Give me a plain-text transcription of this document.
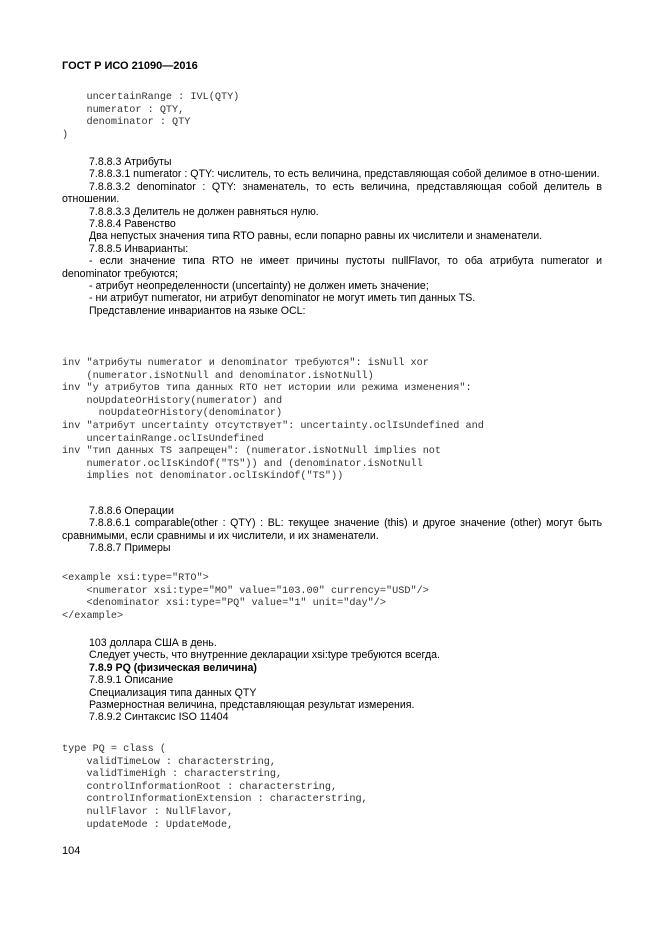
ГОСТ Р ИСО 21090—2016
uncertainRange : IVL(QTY)
numerator : QTY,
denominator : QTY
)

7.8.8.3 Атрибуты

7.8.8.3.1 numerator : QTY: числитель, то есть величина, представляющая собой делимое в отно-шении.

7.8.8.3.2 denominator : QTY: знаменатель, то есть величина, представляющая собой делитель в отношении.

7.8.8.3.3 Делитель не должен равняться нулю.

7.8.8.4 Равенство

Два непустых значения типа RTO равны, если попарно равны их числители и знаменатели.

7.8.8.5 Инварианты:

- если значение типа RTO не имеет причины пустоты nullFlavor, то оба атрибута numerator и denominator требуются;

- атрибут неопределенности (uncertainty) не должен иметь значение;

- ни атрибут numerator, ни атрибут denominator не могут иметь тип данных TS.

Представление инвариантов на языке OCL:

inv "атрибуты numerator и denominator требуются": isNull xor
(numerator.isNotNull and denominator.isNotNull)
inv "у атрибутов типа данных RTO нет истории или режима изменения":
noUpdateOrHistory(numerator) and
noUpdateOrHistory(denominator)
inv "атрибут uncertainty отсутствует": uncertainty.oclIsUndefined and
uncertainRange.oclIsUndefined
inv "тип данных TS запрещен": (numerator.isNotNull implies not
numerator.oclIsKindOf("TS")) and (denominator.isNotNull
implies not denominator.oclIsKindOf("TS"))

7.8.8.6 Операции

7.8.8.6.1 comparable(other : QTY) : BL: текущее значение (this) и другое значение (other) могут быть сравнимыми, если сравнимы и их числители, и их знаменатели.

7.8.8.7 Примеры

<example xsi:type="RTO">
<numerator xsi:type="MO" value="103.00" currency="USD"/>
<denominator xsi:type="PQ" value="1" unit="day"/>
</example>

103 доллара США в день.

Следует учесть, что внутренние декларации xsi:type требуются всегда.

7.8.9 PQ (физическая величина)

7.8.9.1 Описание

Специализация типа данных QTY

Размерностная величина, представляющая результат измерения.

7.8.9.2 Синтаксис ISO 11404

type PQ = class (
validTimeLow : characterstring,
validTimeHigh : characterstring,
controlInformationRoot : characterstring,
controlInformationExtension : characterstring,
nullFlavor : NullFlavor,
updateMode : UpdateMode,
104
